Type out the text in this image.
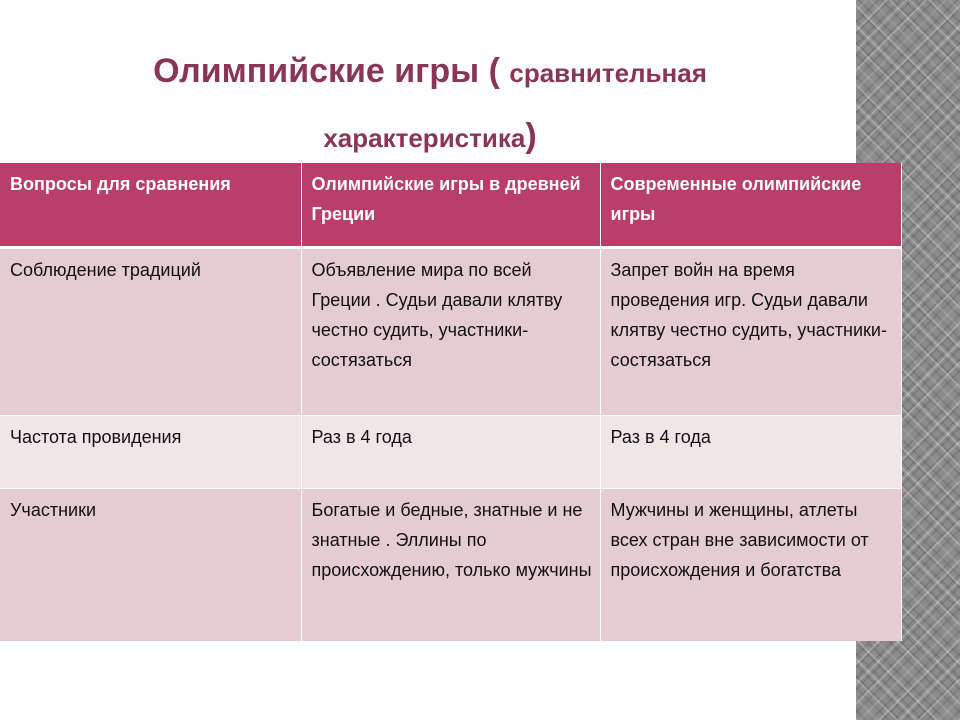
Олимпийские игры ( сравнительная
характеристика)
Вопросы для сравнения	Олимпийские игры в древней Греции	Современные олимпийские игры
Соблюдение традиций	Объявление мира по всей Греции . Судьи давали клятву честно судить, участники- состязаться	Запрет войн на время проведения игр. Судьи давали клятву честно судить, участники- состязаться
Частота провидения	Раз в 4 года	Раз в 4 года
Участники	Богатые и бедные, знатные и не знатные . Эллины по происхождению, только мужчины	Мужчины и женщины, атлеты всех стран вне зависимости от происхождения и богатства
